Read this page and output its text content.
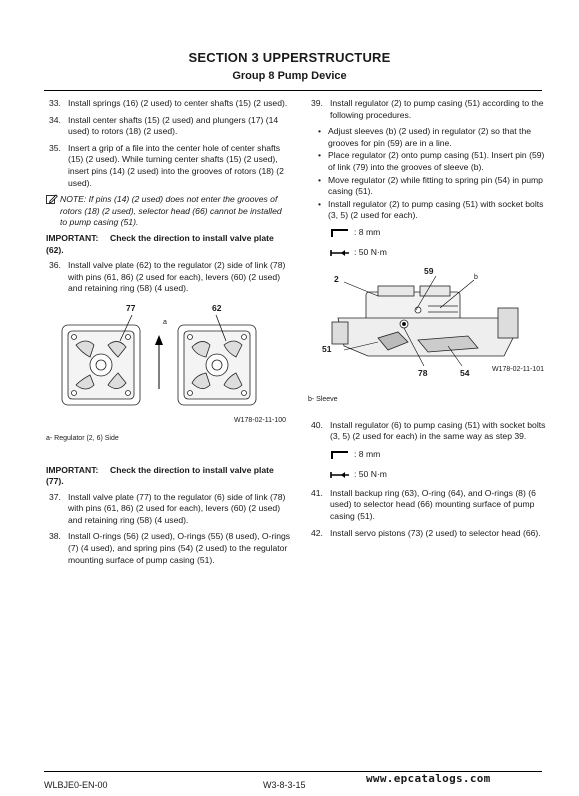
SECTION 3 UPPERSTRUCTURE
Group 8 Pump Device
33. Install springs (16) (2 used) to center shafts (15) (2 used).
34. Install center shafts (15) (2 used) and plungers (17) (14 used) to rotors (18) (2 used).
35. Insert a grip of a file into the center hole of center shafts (15) (2 used). While turning center shafts (15) (2 used), insert pins (14) (2 used) into the grooves of rotors (18) (2 used).
NOTE: If pins (14) (2 used) does not enter the grooves of rotors (18) (2 used), selector head (66) cannot be installed to pump casing (51).
IMPORTANT: Check the direction to install valve plate (62).
36. Install valve plate (62) to the regulator (2) side of link (78) with pins (61, 86) (2 used for each), levers (60) (2 used) and retaining ring (58) (4 used).
77	62
a
W178-02-11-100
a- Regulator (2, 6) Side
IMPORTANT: Check the direction to install valve plate (77).
37. Install valve plate (77) to the regulator (6) side of link (78) with pins (61, 86) (2 used for each), levers (60) (2 used) and retaining ring (58) (4 used).
38. Install O-rings (56) (2 used), O-rings (55) (8 used), O-rings (7) (4 used), and spring pins (54) (2 used) to the regulator mounting surface of pump casing (51).
39. Install regulator (2) to pump casing (51) according to the following procedures.
• Adjust sleeves (b) (2 used) in regulator (2) so that the grooves for pin (59) are in a line.
• Place regulator (2) onto pump casing (51). Insert pin (59) of link (79) into the grooves of sleeve (b).
• Move regulator (2) while fitting to spring pin (54) in pump casing (51).
• Install regulator (2) to pump casing (51) with socket bolts (3, 5) (2 used for each).
: 8 mm
: 50 N·m
59
b
2
51
78	54	W178-02-11-101
b- Sleeve
40. Install regulator (6) to pump casing (51) with socket bolts (3, 5) (2 used for each) in the same way as step 39.
: 8 mm
: 50 N·m
41. Install backup ring (63), O-ring (64), and O-rings (8) (6 used) to selector head (66) mounting surface of pump casing (51).
42. Install servo pistons (73) (2 used) to selector head (66).
WLBJE0-EN-00	W3-8-3-15	www.epcatalogs.com
